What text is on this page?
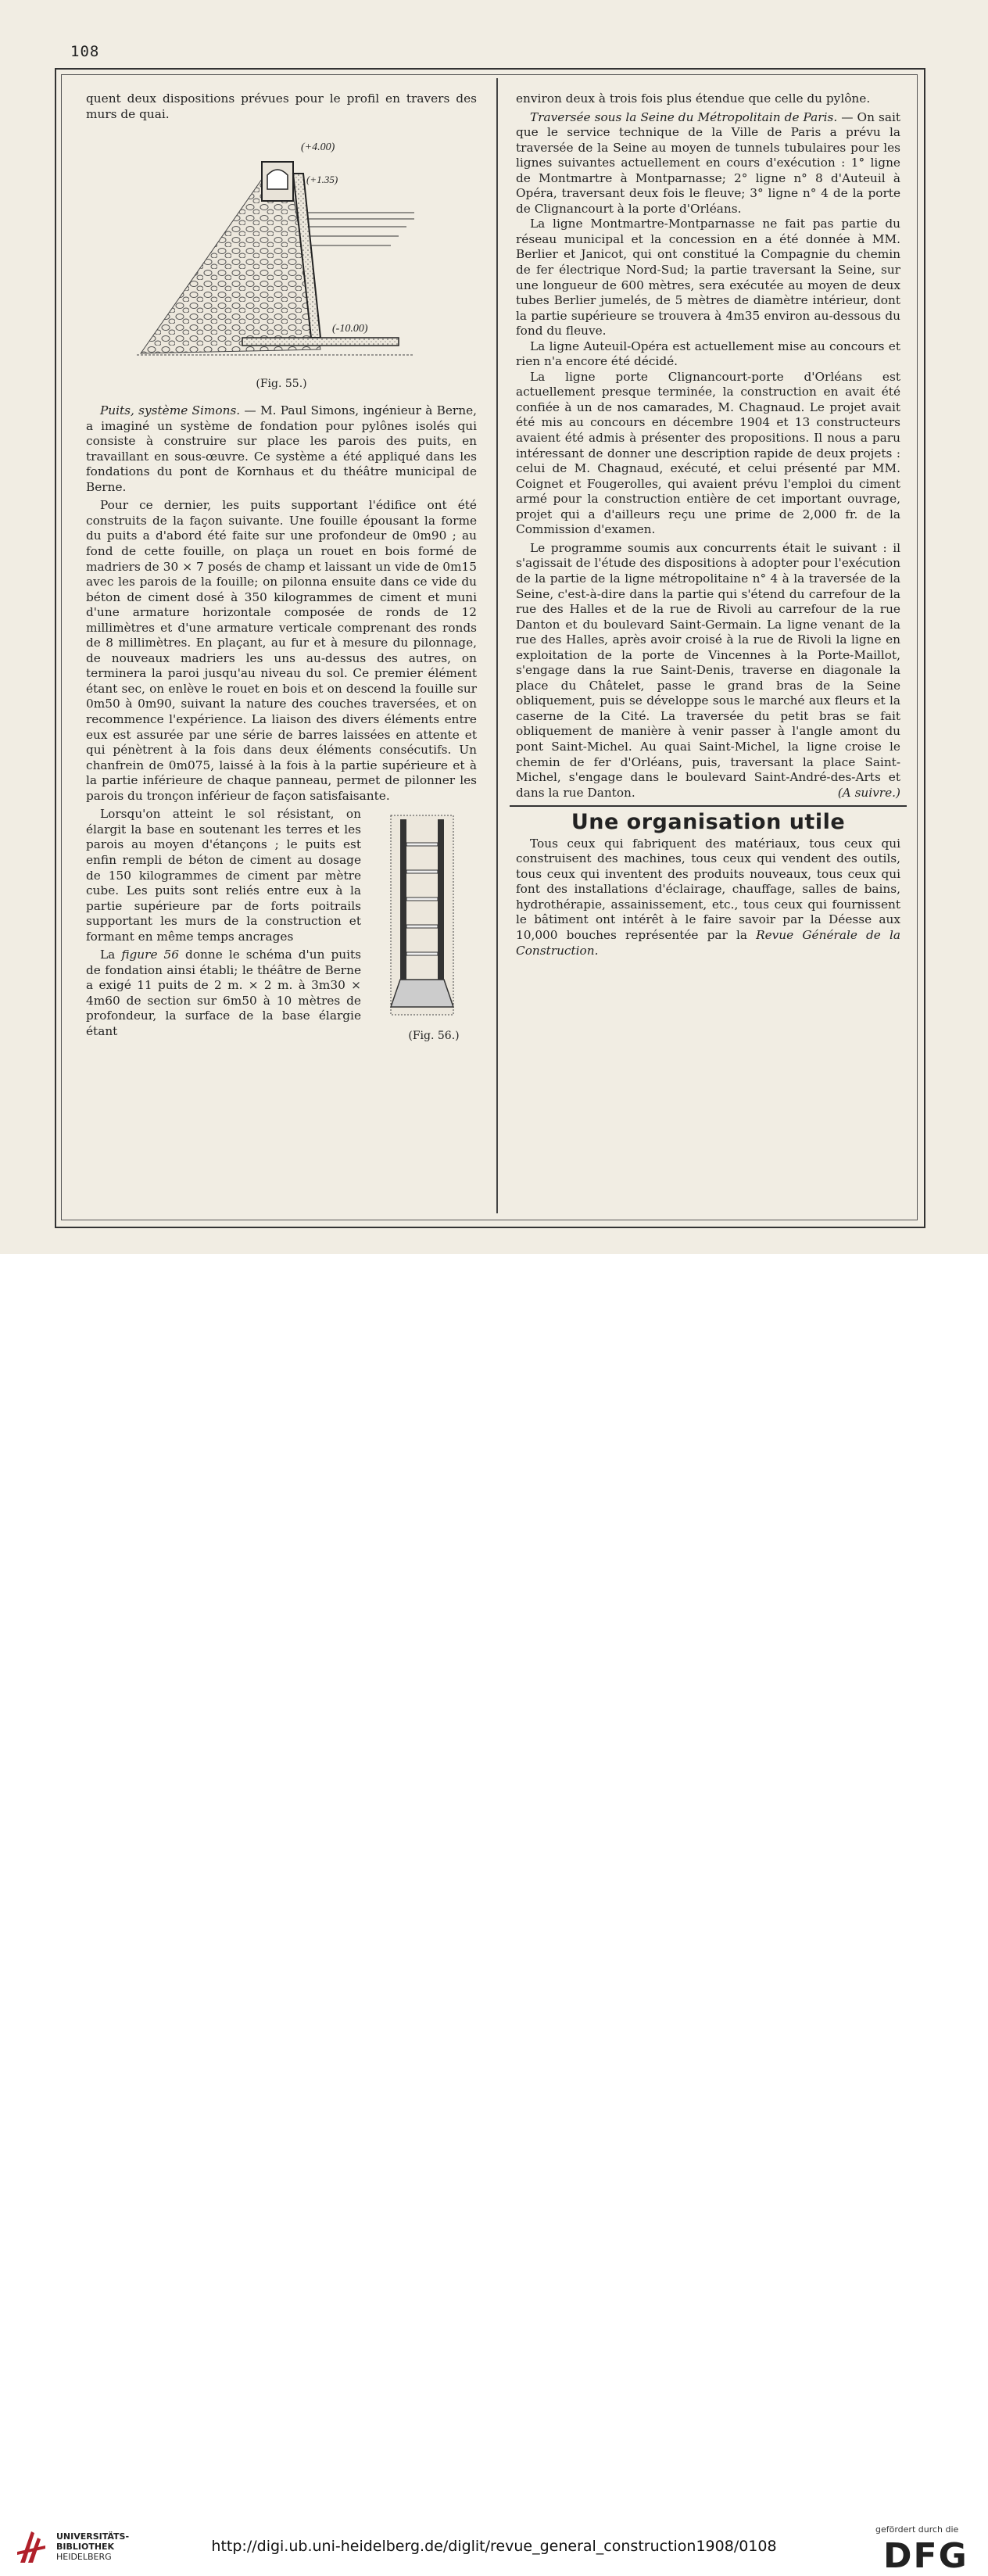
108

quent deux dispositions prévues pour le profil en travers des murs de quai.

(+4.00)
(+1.35)
(-10.00)
(Fig. 55.)

Puits, système Simons. — M. Paul Simons, ingénieur à Berne, a imaginé un système de fondation pour pylônes isolés qui consiste à construire sur place les parois des puits, en travaillant en sous-œuvre. Ce système a été appliqué dans les fondations du pont de Kornhaus et du théâtre municipal de Berne.

Pour ce dernier, les puits supportant l'édifice ont été construits de la façon suivante. Une fouille épousant la forme du puits a d'abord été faite sur une profondeur de 0m90 ; au fond de cette fouille, on plaça un rouet en bois formé de madriers de 30 × 7 posés de champ et laissant un vide de 0m15 avec les parois de la fouille; on pilonna ensuite dans ce vide du béton de ciment dosé à 350 kilogrammes de ciment et muni d'une armature horizontale composée de ronds de 12 millimètres et d'une armature verticale comprenant des ronds de 8 millimètres. En plaçant, au fur et à mesure du pilonnage, de nouveaux madriers les uns au-dessus des autres, on terminera la paroi jusqu'au niveau du sol. Ce premier élément étant sec, on enlève le rouet en bois et on descend la fouille sur 0m50 à 0m90, suivant la nature des couches traversées, et on recommence l'expérience. La liaison des divers éléments entre eux est assurée par une série de barres laissées en attente et qui pénètrent à la fois dans deux éléments consécutifs. Un chanfrein de 0m075, laissé à la fois à la partie supérieure et à la partie inférieure de chaque panneau, permet de pilonner les parois du tronçon inférieur de façon satisfaisante.

(Fig. 56.)

Lorsqu'on atteint le sol résistant, on élargit la base en soutenant les terres et les parois au moyen d'étançons ; le puits est enfin rempli de béton de ciment au dosage de 150 kilogrammes de ciment par mètre cube. Les puits sont reliés entre eux à la partie supérieure par de forts poitrails supportant les murs de la construction et formant en même temps ancrages

La figure 56 donne le schéma d'un puits de fondation ainsi établi; le théâtre de Berne a exigé 11 puits de 2 m. × 2 m. à 3m30 × 4m60 de section sur 6m50 à 10 mètres de profondeur, la surface de la base élargie étant

environ deux à trois fois plus étendue que celle du pylône.

Traversée sous la Seine du Métropolitain de Paris. — On sait que le service technique de la Ville de Paris a prévu la traversée de la Seine au moyen de tunnels tubulaires pour les lignes suivantes actuellement en cours d'exécution : 1° ligne de Montmartre à Montparnasse; 2° ligne n° 8 d'Auteuil à Opéra, traversant deux fois le fleuve; 3° ligne n° 4 de la porte de Clignancourt à la porte d'Orléans.

La ligne Montmartre-Montparnasse ne fait pas partie du réseau municipal et la concession en a été donnée à MM. Berlier et Janicot, qui ont constitué la Compagnie du chemin de fer électrique Nord-Sud; la partie traversant la Seine, sur une longueur de 600 mètres, sera exécutée au moyen de deux tubes Berlier jumelés, de 5 mètres de diamètre intérieur, dont la partie supérieure se trouvera à 4m35 environ au-dessous du fond du fleuve.

La ligne Auteuil-Opéra est actuellement mise au concours et rien n'a encore été décidé.

La ligne porte Clignancourt-porte d'Orléans est actuellement presque terminée, la construction en avait été confiée à un de nos camarades, M. Chagnaud. Le projet avait été mis au concours en décembre 1904 et 13 constructeurs avaient été admis à présenter des propositions. Il nous a paru intéressant de donner une description rapide de deux projets : celui de M. Chagnaud, exécuté, et celui présenté par MM. Coignet et Fougerolles, qui avaient prévu l'emploi du ciment armé pour la construction entière de cet important ouvrage, projet qui a d'ailleurs reçu une prime de 2,000 fr. de la Commission d'examen.

Le programme soumis aux concurrents était le suivant : il s'agissait de l'étude des dispositions à adopter pour l'exécution de la partie de la ligne métropolitaine n° 4 à la traversée de la Seine, c'est-à-dire dans la partie qui s'étend du carrefour de la rue des Halles et de la rue de Rivoli au carrefour de la rue Danton et du boulevard Saint-Germain. La ligne venant de la rue des Halles, après avoir croisé à la rue de Rivoli la ligne en exploitation de la porte de Vincennes à la Porte-Maillot, s'engage dans la rue Saint-Denis, traverse en diagonale la place du Châtelet, passe le grand bras de la Seine obliquement, puis se développe sous le marché aux fleurs et la caserne de la Cité. La traversée du petit bras se fait obliquement de manière à venir passer à l'angle amont du pont Saint-Michel. Au quai Saint-Michel, la ligne croise le chemin de fer d'Orléans, puis, traversant la place Saint-Michel, s'engage dans le boulevard Saint-André-des-Arts et dans la rue Danton.	(A suivre.)

Une organisation utile

Tous ceux qui fabriquent des matériaux, tous ceux qui construisent des machines, tous ceux qui vendent des outils, tous ceux qui inventent des produits nouveaux, tous ceux qui font des installations d'éclairage, chauffage, salles de bains, hydrothérapie, assainissement, etc., tous ceux qui fournissent le bâtiment ont intérêt à le faire savoir par la Déesse aux 10,000 bouches représentée par la Revue Générale de la Construction.

UNIVERSITÄTS-
BIBLIOTHEK
HEIDELBERG
http://digi.ub.uni-heidelberg.de/diglit/revue_general_construction1908/0108
gefördert durch die
DFG
